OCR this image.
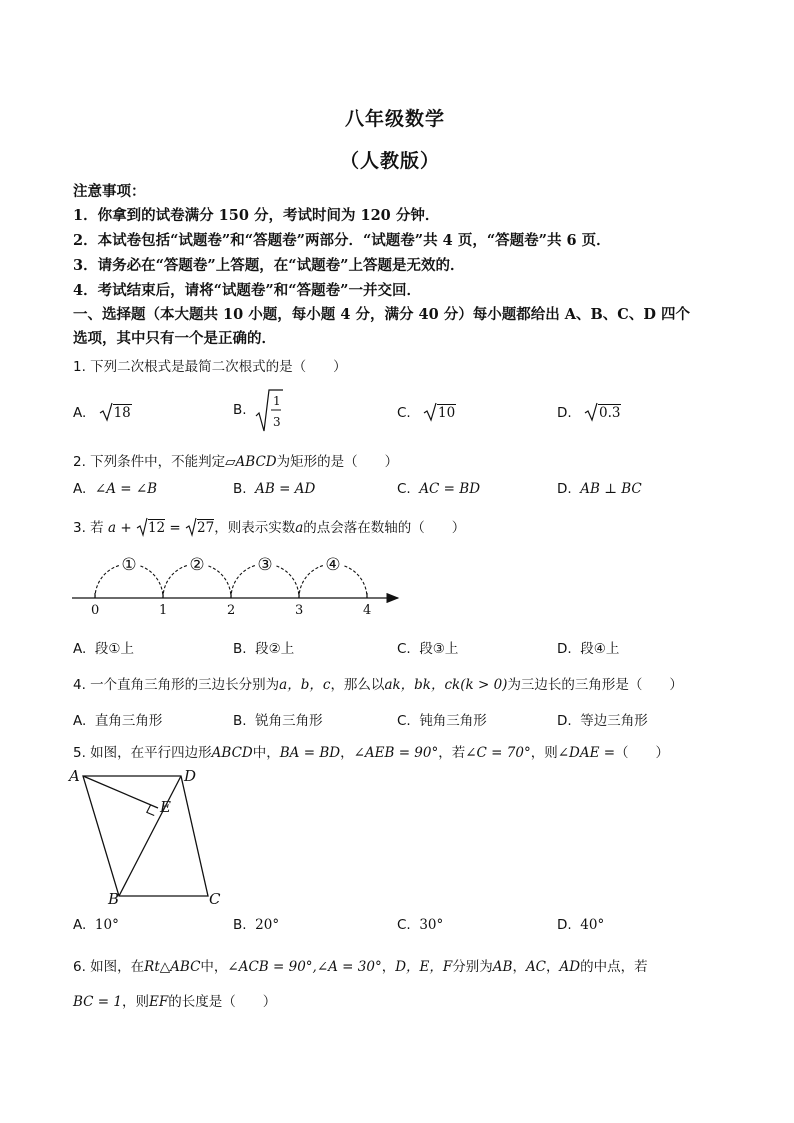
八年级数学
（人教版）
注意事项：
1．你拿到的试卷满分 150 分，考试时间为 120 分钟．
2．本试卷包括“试题卷”和“答题卷”两部分．“试题卷”共 4 页，“答题卷”共 6 页．
3．请务必在“答题卷”上答题，在“试题卷”上答题是无效的．
4．考试结束后，请将“试题卷”和“答题卷”一并交回．
一、选择题（本大题共 10 小题，每小题 4 分，满分 40 分）每小题都给出 A、B、C、D 四个
选项，其中只有一个是正确的．
1. 下列二次根式是最简二次根式的是（　　）
A. 18	B.
1
3
C. 10	D. 0.3
2. 下列条件中，不能判定▱ABCD为矩形的是（　　）
A. ∠A = ∠B	B. AB = AD	C. AC = BD	D. AB ⊥ BC
3. 若 a + 12 = 27，则表示实数a的点会落在数轴的（　　）
①	②	③	④
0	1	2	3	4
A. 段①上	B. 段②上	C. 段③上	D. 段④上
4. 一个直角三角形的三边长分别为a，b，c，那么以ak，bk，ck(k > 0)为三边长的三角形是（　　）
A. 直角三角形	B. 锐角三角形	C. 钝角三角形	D. 等边三角形
5. 如图，在平行四边形ABCD中，BA = BD，∠AEB = 90°，若∠C = 70°，则∠DAE =（　　）
A	D
E
B	C
A. 10°	B. 20°	C. 30°	D. 40°
6. 如图，在Rt△ABC中，∠ACB = 90°,∠A = 30°，D，E，F分别为AB，AC，AD的中点，若
BC = 1，则EF的长度是（　　）
